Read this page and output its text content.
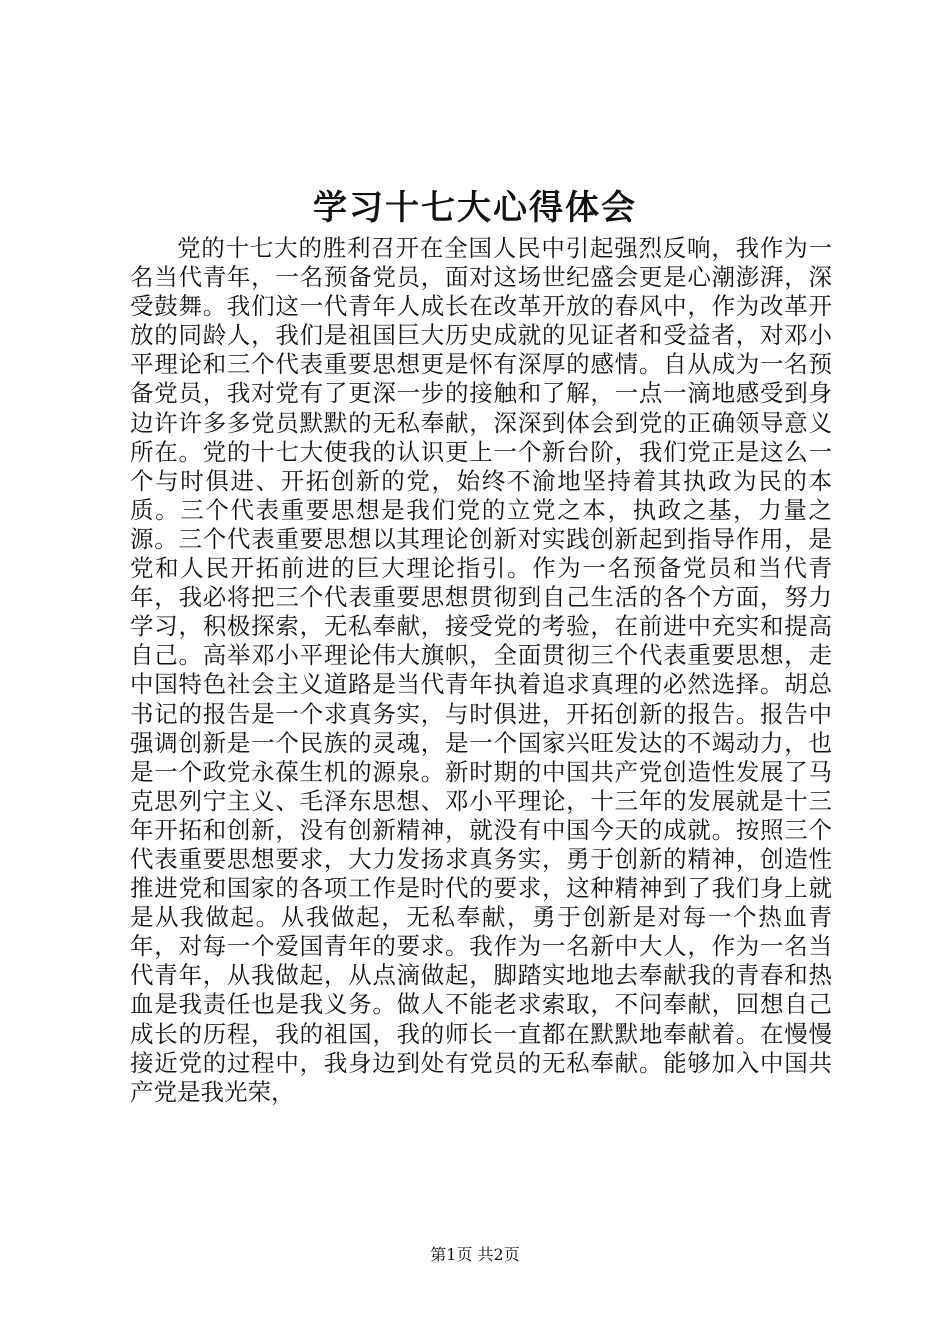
学习十七大心得体会

党的十七大的胜利召开在全国人民中引起强烈反响，我作为一名当代青年，一名预备党员，面对这场世纪盛会更是心潮澎湃，深受鼓舞。我们这一代青年人成长在改革开放的春风中，作为改革开放的同龄人，我们是祖国巨大历史成就的见证者和受益者，对邓小平理论和三个代表重要思想更是怀有深厚的感情。自从成为一名预备党员，我对党有了更深一步的接触和了解，一点一滴地感受到身边许许多多党员默默的无私奉献，深深到体会到党的正确领导意义所在。党的十七大使我的认识更上一个新台阶，我们党正是这么一个与时俱进、开拓创新的党，始终不渝地坚持着其执政为民的本质。三个代表重要思想是我们党的立党之本，执政之基，力量之源。三个代表重要思想以其理论创新对实践创新起到指导作用，是党和人民开拓前进的巨大理论指引。作为一名预备党员和当代青年，我必将把三个代表重要思想贯彻到自己生活的各个方面，努力学习，积极探索，无私奉献，接受党的考验，在前进中充实和提高自己。高举邓小平理论伟大旗帜，全面贯彻三个代表重要思想，走中国特色社会主义道路是当代青年执着追求真理的必然选择。胡总书记的报告是一个求真务实，与时俱进，开拓创新的报告。报告中强调创新是一个民族的灵魂，是一个国家兴旺发达的不竭动力，也是一个政党永葆生机的源泉。新时期的中国共产党创造性发展了马克思列宁主义、毛泽东思想、邓小平理论，十三年的发展就是十三年开拓和创新，没有创新精神，就没有中国今天的成就。按照三个代表重要思想要求，大力发扬求真务实，勇于创新的精神，创造性推进党和国家的各项工作是时代的要求，这种精神到了我们身上就是从我做起。从我做起，无私奉献，勇于创新是对每一个热血青年，对每一个爱国青年的要求。我作为一名新中大人，作为一名当代青年，从我做起，从点滴做起，脚踏实地地去奉献我的青春和热血是我责任也是我义务。做人不能老求索取，不问奉献，回想自己成长的历程，我的祖国，我的师长一直都在默默地奉献着。在慢慢接近党的过程中，我身边到处有党员的无私奉献。能够加入中国共产党是我光荣，

第1页 共2页
